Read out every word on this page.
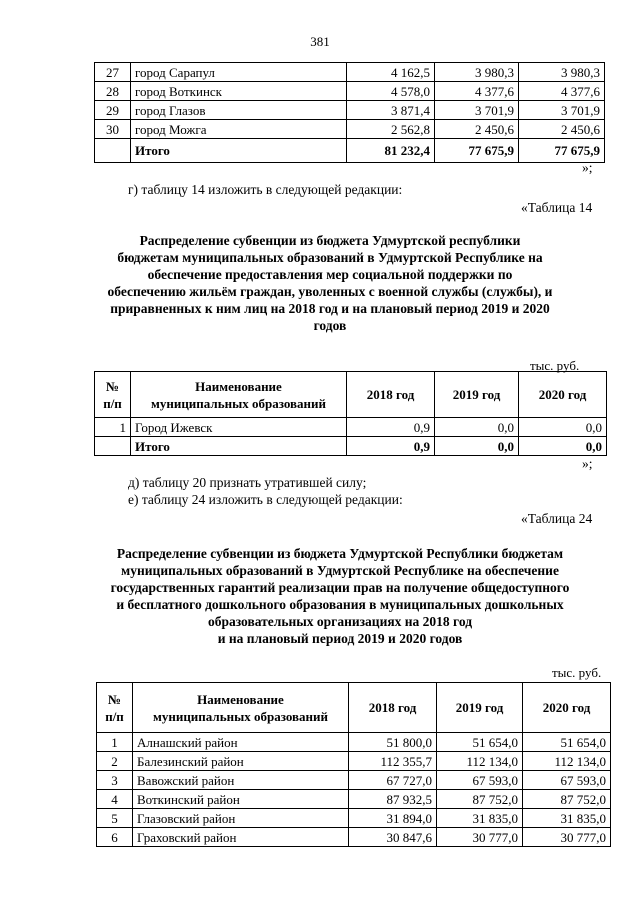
381
27	город Сарапул	4 162,5	3 980,3	3 980,3
28	город Воткинск	4 578,0	4 377,6	4 377,6
29	город Глазов	3 871,4	3 701,9	3 701,9
30	город Можга	2 562,8	2 450,6	2 450,6
	Итого	81 232,4	77 675,9	77 675,9
»;
г) таблицу 14 изложить в следующей редакции:
«Таблица 14
Распределение субвенции из бюджета Удмуртской республики
бюджетам муниципальных образований в Удмуртской Республике на
обеспечение предоставления мер социальной поддержки по
обеспечению жильём граждан, уволенных с военной службы (службы), и
приравненных к ним лиц на 2018 год и на плановый период 2019 и 2020
годов
тыс. руб.
№
п/п	Наименование
муниципальных образований	2018 год	2019 год	2020 год
1	Город Ижевск	0,9	0,0	0,0
	Итого	0,9	0,0	0,0
»;
д) таблицу 20 признать утратившей силу;
е) таблицу 24 изложить в следующей редакции:
«Таблица 24
Распределение субвенции из бюджета Удмуртской Республики бюджетам
муниципальных образований в Удмуртской Республике на обеспечение
государственных гарантий реализации прав на получение общедоступного
и бесплатного дошкольного образования в муниципальных дошкольных
образовательных организациях на 2018 год
и на плановый период 2019 и 2020 годов
тыс. руб.
№
п/п	Наименование
муниципальных образований	2018 год	2019 год	2020 год
1	Алнашский район	51 800,0	51 654,0	51 654,0
2	Балезинский район	112 355,7	112 134,0	112 134,0
3	Вавожский район	67 727,0	67 593,0	67 593,0
4	Воткинский район	87 932,5	87 752,0	87 752,0
5	Глазовский район	31 894,0	31 835,0	31 835,0
6	Граховский район	30 847,6	30 777,0	30 777,0
